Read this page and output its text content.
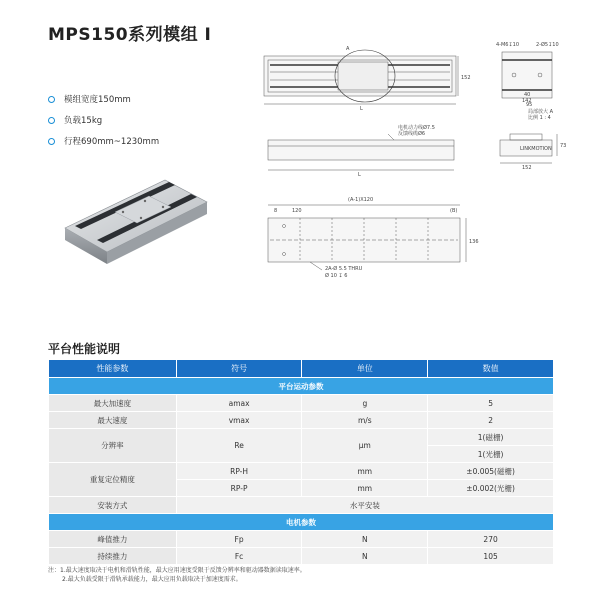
MPS150系列模组 I
模组宽度150mm
负载15kg
行程690mm~1230mm
L
152
A
4-M6↧10	2-Ø5↧10
95
40
142
局部放大 A
比例 1 : 4
电机动力线Ø7.5
反馈线缆Ø6
L
LINKMOTION
152
73
(A-1)X120
120
8	(B)
136
2A-Ø 5.5 THRU
Ø 10 ↧ 6
平台性能说明
性能参数	符号	单位	数值
平台运动参数			
最大加速度	amax	g	5
最大速度	vmax	m/s	2
分辨率	Re	μm	1(磁栅)
			1(光栅)
重复定位精度	RP-H	mm	±0.005(磁栅)
	RP-P	mm	±0.002(光栅)
安装方式	水平安装		
电机参数			
峰值推力	Fp	N	270
持续推力	Fc	N	105
注：1.最大速度取决于电机和滑轨性能，最大应用速度受限于反馈分辨率和驱动器数据读取速率。
2.最大负载受限于滑轨承载能力，最大应用负载取决于加速度需求。
